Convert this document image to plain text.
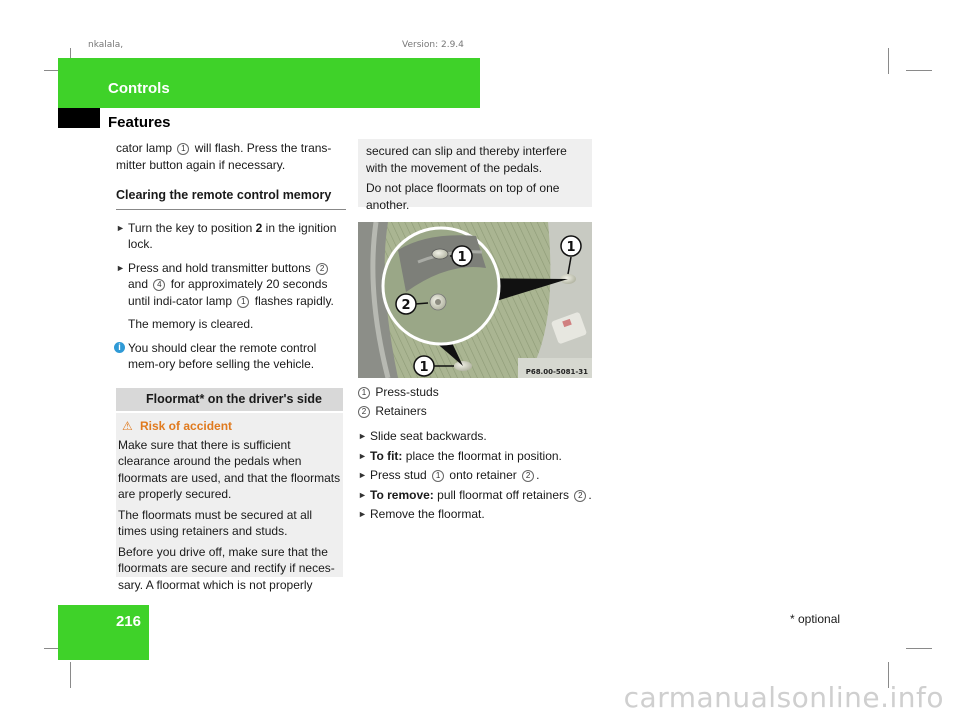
nkalala,	Version: 2.9.4
Controls
Features

cator lamp 1 will flash. Press the trans-mitter button again if necessary.

Clearing the remote control memory

► Turn the key to position 2 in the ignition lock.

► Press and hold transmitter buttons 2 and 4 for approximately 20 seconds until indi-cator lamp 1 flashes rapidly.

The memory is cleared.

i You should clear the remote control mem-ory before selling the vehicle.

Floormat* on the driver's side
⚠ Risk of accident

Make sure that there is sufficient clearance around the pedals when floormats are used, and that the floormats are properly secured.

The floormats must be secured at all times using retainers and studs.

Before you drive off, make sure that the floormats are secure and rectify if neces-sary. A floormat which is not properly

secured can slip and thereby interfere with the movement of the pedals.

Do not place floormats on top of one another.

1
2
1
1	P68.00-5081-31

1 Press-studs

2 Retainers

► Slide seat backwards.

► To fit: place the floormat in position.

► Press stud 1 onto retainer 2 .

► To remove: pull floormat off retainers 2 .

► Remove the floormat.

216	* optional
carmanualsonline.info
